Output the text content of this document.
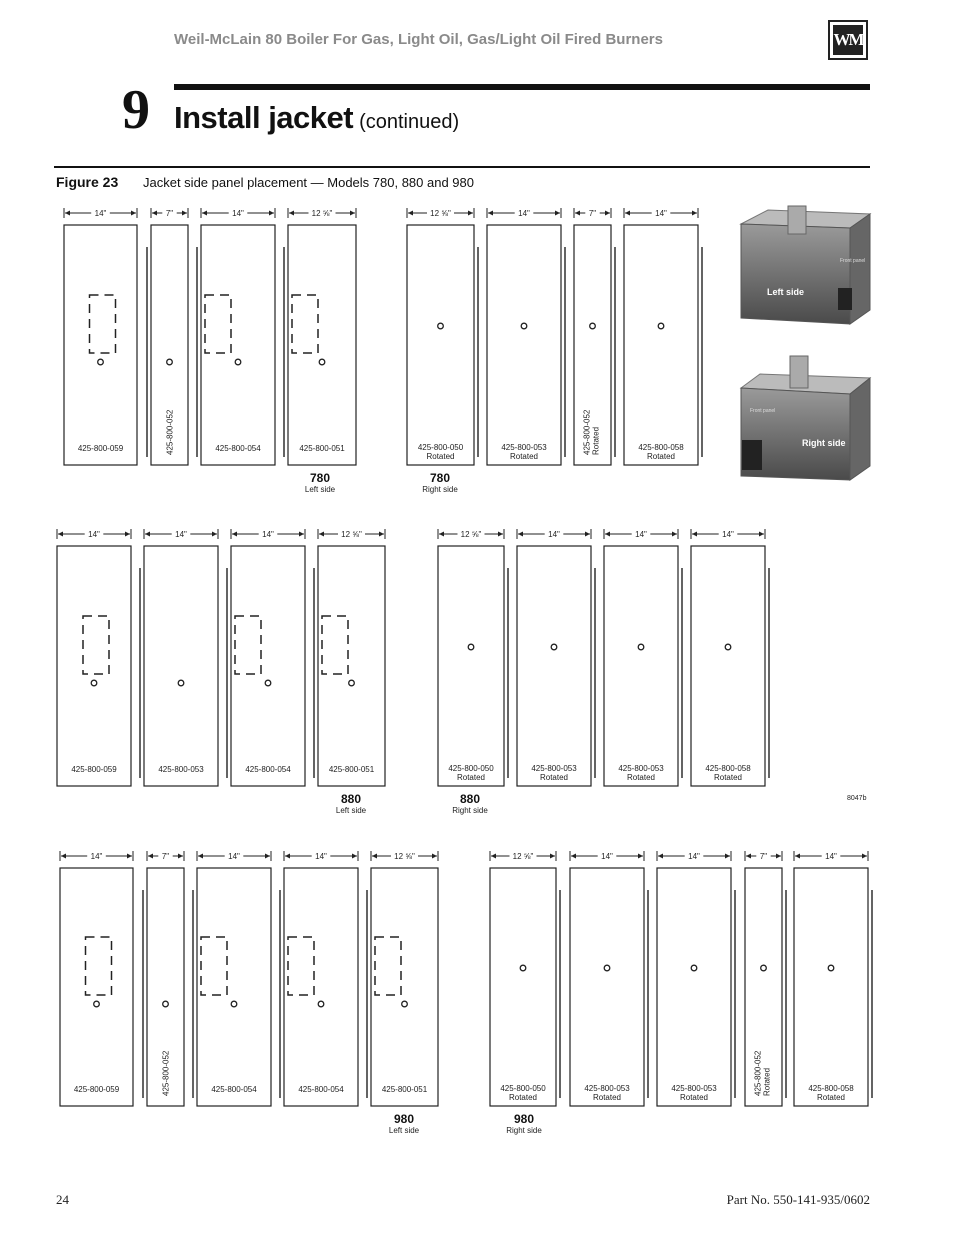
Weil-McLain 80 Boiler For Gas, Light Oil, Gas/Light Oil Fired Burners	WM
9 Install jacket (continued)
Figure 23 Jacket side panel placement — Models 780, 880 and 980
Left side
Front panel
Right side
Front panel
8047b
14"
425-800-059
7"
425-800-052
14"
425-800-054
12 ⅝"
425-800-051
780
Left side
12 ⅝"
425-800-050
Rotated
14"
425-800-053
Rotated
7"
425-800-052 Rotated
14"
425-800-058
Rotated
780
Right side
14"
425-800-059
14"
425-800-053
14"
425-800-054
12 ⅝"
425-800-051
880
Left side
12 ⅝"
425-800-050
Rotated
14"
425-800-053
Rotated
14"
425-800-053
Rotated
14"
425-800-058
Rotated
880
Right side
14"
425-800-059
7"
425-800-052
14"
425-800-054
14"
425-800-054
12 ⅝"
425-800-051
980
Left side
12 ⅝"
425-800-050
Rotated
14"
425-800-053
Rotated
14"
425-800-053
Rotated
7"
425-800-052 Rotated
14"
425-800-058
Rotated
980
Right side
24	Part No. 550-141-935/0602
